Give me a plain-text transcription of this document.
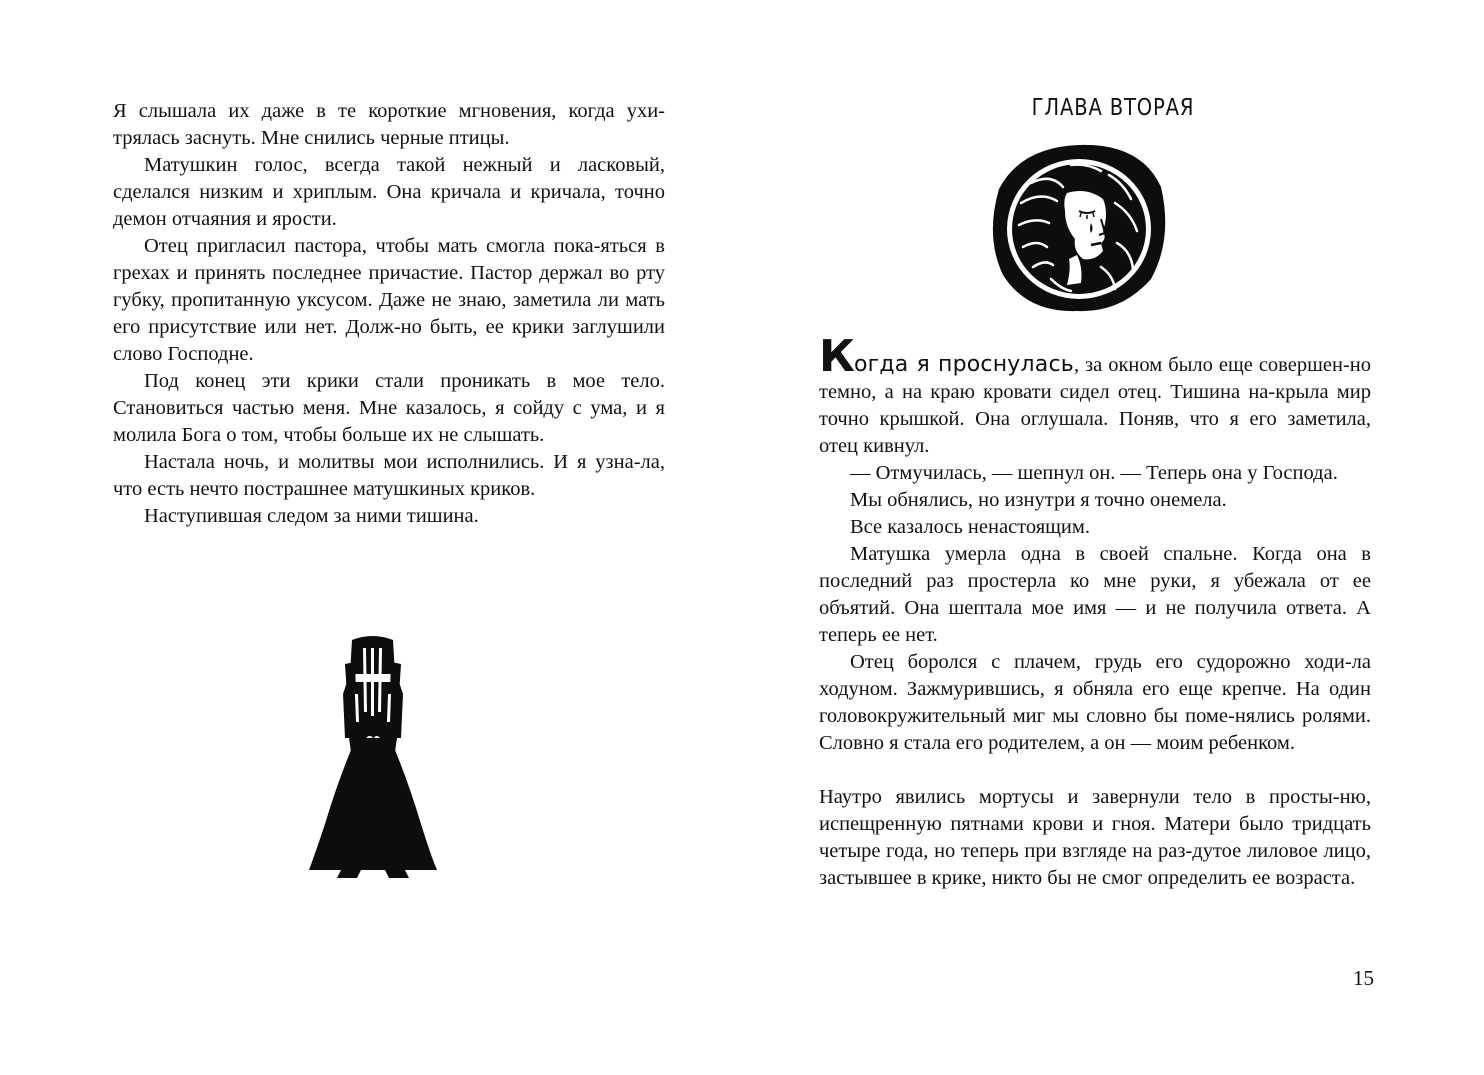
Я слышала их даже в те короткие мгновения, когда ухи-трялась заснуть. Мне снились черные птицы.

Матушкин голос, всегда такой нежный и ласковый, сделался низким и хриплым. Она кричала и кричала, точно демон отчаяния и ярости.

Отец пригласил пастора, чтобы мать смогла пока-яться в грехах и принять последнее причастие. Пастор держал во рту губку, пропитанную уксусом. Даже не знаю, заметила ли мать его присутствие или нет. Долж-но быть, ее крики заглушили слово Господне.

Под конец эти крики стали проникать в мое тело. Становиться частью меня. Мне казалось, я сойду с ума, и я молила Бога о том, чтобы больше их не слышать.

Настала ночь, и молитвы мои исполнились. И я узна-ла, что есть нечто пострашнее матушкиных криков.

Наступившая следом за ними тишина.

ГЛАВА ВТОРАЯ

Когда я проснулась, за окном было еще совершен-но темно, а на краю кровати сидел отец. Тишина на-крыла мир точно крышкой. Она оглушала. Поняв, что я его заметила, отец кивнул.

— Отмучилась, — шепнул он. — Теперь она у Господа.

Мы обнялись, но изнутри я точно онемела.

Все казалось ненастоящим.

Матушка умерла одна в своей спальне. Когда она в последний раз простерла ко мне руки, я убежала от ее объятий. Она шептала мое имя — и не получила ответа. А теперь ее нет.

Отец боролся с плачем, грудь его судорожно ходи-ла ходуном. Зажмурившись, я обняла его еще крепче. На один головокружительный миг мы словно бы поме-нялись ролями. Словно я стала его родителем, а он — моим ребенком.

Наутро явились мортусы и завернули тело в просты-ню, испещренную пятнами крови и гноя. Матери было тридцать четыре года, но теперь при взгляде на раз-дутое лиловое лицо, застывшее в крике, никто бы не смог определить ее возраста.

15
